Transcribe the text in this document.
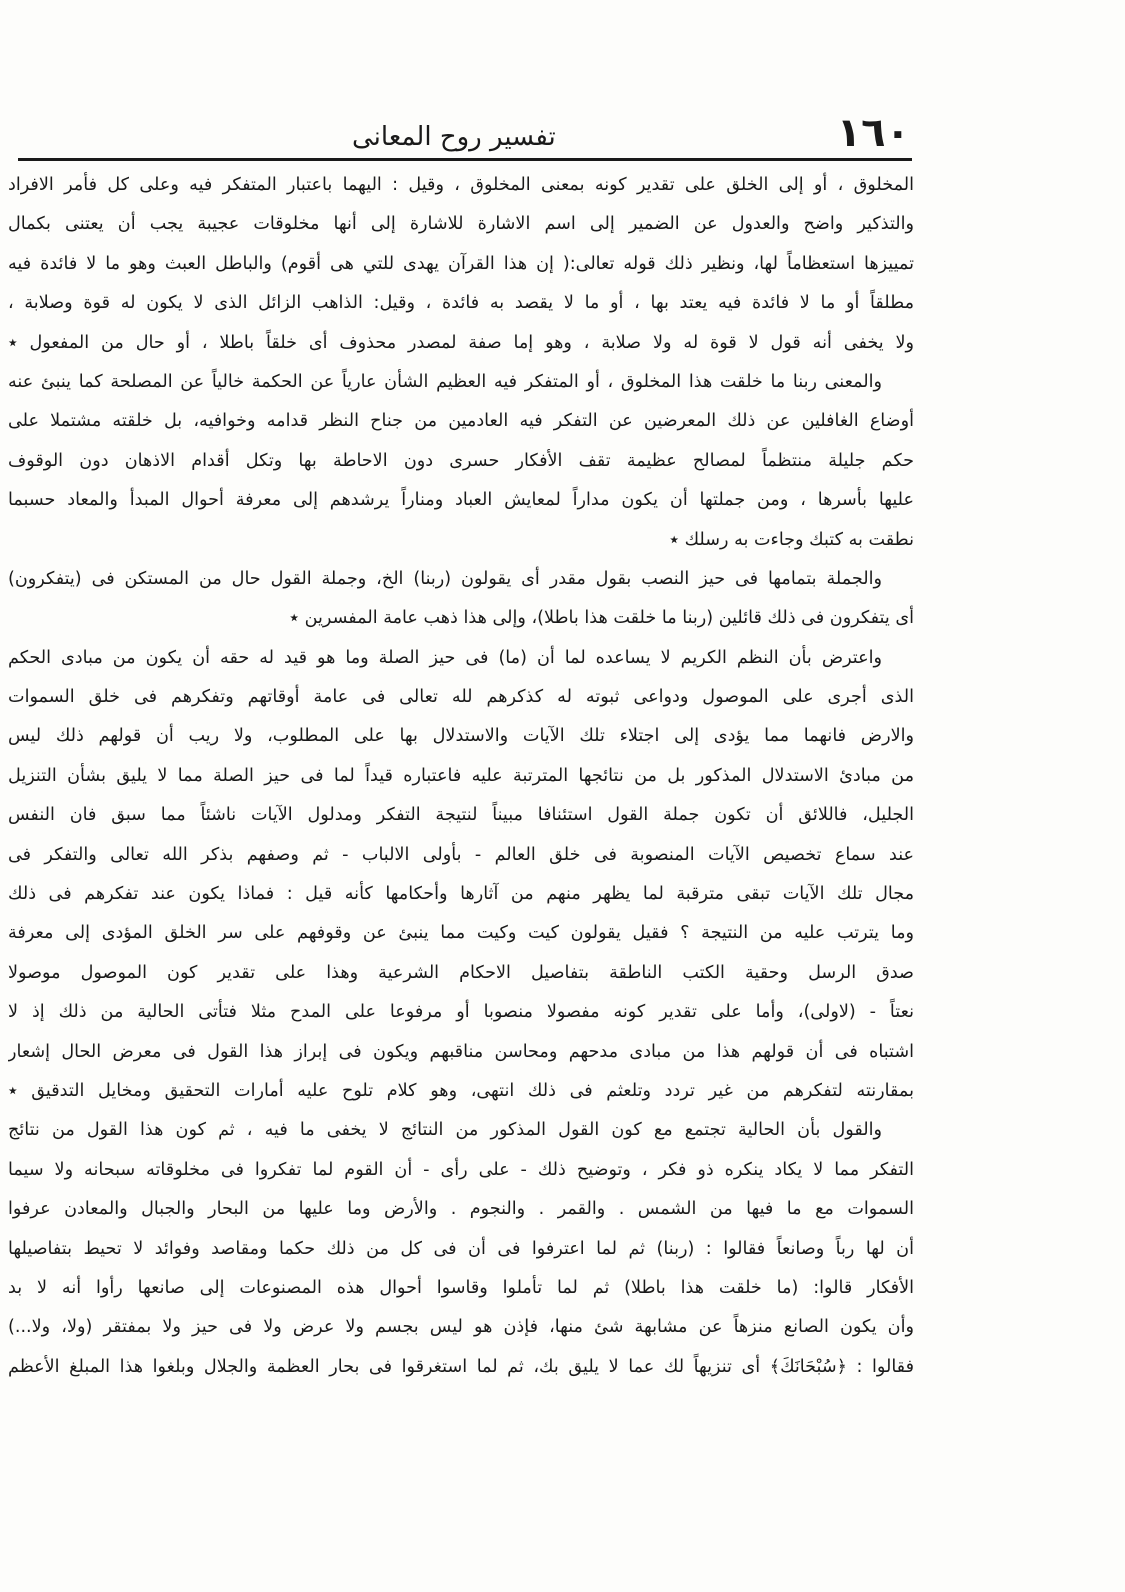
١٦٠
تفسير روح المعانى
المخلوق ، أو إلى الخلق على تقدير كونه بمعنى المخلوق ، وقيل : اليهما باعتبار المتفكر فيه وعلى كل فأمر الافراد
والتذكير واضح والعدول عن الضمير إلى اسم الاشارة للاشارة إلى أنها مخلوقات عجيبة يجب أن يعتنى بكمال
تمييزها استعظاماً لها، ونظير ذلك قوله تعالى:( إن هذا القرآن يهدى للتي هى أقوم) والباطل العبث وهو ما لا فائدة فيه
مطلقاً أو ما لا فائدة فيه يعتد بها ، أو ما لا يقصد به فائدة ، وقيل: الذاهب الزائل الذى لا يكون له قوة وصلابة ،
ولا يخفى أنه قول لا قوة له ولا صلابة ، وهو إما صفة لمصدر محذوف أى خلقاً باطلا ، أو حال من المفعول ٭
والمعنى ربنا ما خلقت هذا المخلوق ، أو المتفكر فيه العظيم الشأن عارياً عن الحكمة خالياً عن المصلحة كما ينبئ عنه
أوضاع الغافلين عن ذلك المعرضين عن التفكر فيه العادمين من جناح النظر قدامه وخوافيه، بل خلقته مشتملا على
حكم جليلة منتظماً لمصالح عظيمة تقف الأفكار حسرى دون الاحاطة بها وتكل أقدام الاذهان دون الوقوف
عليها بأسرها ، ومن جملتها أن يكون مداراً لمعايش العباد ومناراً يرشدهم إلى معرفة أحوال المبدأ والمعاد حسبما
نطقت به كتبك وجاءت به رسلك ٭
والجملة بتمامها فى حيز النصب بقول مقدر أى يقولون (ربنا) الخ، وجملة القول حال من المستكن فى (يتفكرون)
أى يتفكرون فى ذلك قائلين (ربنا ما خلقت هذا باطلا)، وإلى هذا ذهب عامة المفسرين ٭
واعترض بأن النظم الكريم لا يساعده لما أن (ما) فى حيز الصلة وما هو قيد له حقه أن يكون من مبادى الحكم
الذى أجرى على الموصول ودواعى ثبوته له كذكرهم لله تعالى فى عامة أوقاتهم وتفكرهم فى خلق السموات
والارض فانهما مما يؤدى إلى اجتلاء تلك الآيات والاستدلال بها على المطلوب، ولا ريب أن قولهم ذلك ليس
من مبادئ الاستدلال المذكور بل من نتائجها المترتبة عليه فاعتباره قيداً لما فى حيز الصلة مما لا يليق بشأن التنزيل
الجليل، فاللائق أن تكون جملة القول استئنافا مبيناً لنتيجة التفكر ومدلول الآيات ناشئاً مما سبق فان النفس
عند سماع تخصيص الآيات المنصوبة فى خلق العالم - بأولى الالباب - ثم وصفهم بذكر الله تعالى والتفكر فى
مجال تلك الآيات تبقى مترقبة لما يظهر منهم من آثارها وأحكامها كأنه قيل : فماذا يكون عند تفكرهم فى ذلك
وما يترتب عليه من النتيجة ؟ فقيل يقولون كيت وكيت مما ينبئ عن وقوفهم على سر الخلق المؤدى إلى معرفة
صدق الرسل وحقية الكتب الناطقة بتفاصيل الاحكام الشرعية وهذا على تقدير كون الموصول موصولا
نعتاً - (لاولى)، وأما على تقدير كونه مفصولا منصوبا أو مرفوعا على المدح مثلا فتأتى الحالية من ذلك إذ لا
اشتباه فى أن قولهم هذا من مبادى مدحهم ومحاسن مناقبهم ويكون فى إبراز هذا القول فى معرض الحال إشعار
بمقارنته لتفكرهم من غير تردد وتلعثم فى ذلك انتهى، وهو كلام تلوح عليه أمارات التحقيق ومخايل التدقيق ٭
والقول بأن الحالية تجتمع مع كون القول المذكور من النتائج لا يخفى ما فيه ، ثم كون هذا القول من نتائج
التفكر مما لا يكاد ينكره ذو فكر ، وتوضيح ذلك - على رأى - أن القوم لما تفكروا فى مخلوقاته سبحانه ولا سيما
السموات مع ما فيها من الشمس . والقمر . والنجوم . والأرض وما عليها من البحار والجبال والمعادن عرفوا
أن لها رباً وصانعاً فقالوا : (ربنا) ثم لما اعترفوا فى أن فى كل من ذلك حكما ومقاصد وفوائد لا تحيط بتفاصيلها
الأفكار قالوا: (ما خلقت هذا باطلا) ثم لما تأملوا وقاسوا أحوال هذه المصنوعات إلى صانعها رأوا أنه لا بد
وأن يكون الصانع منزهاً عن مشابهة شئ منها، فإذن هو ليس بجسم ولا عرض ولا فى حيز ولا بمفتقر (ولا، ولا...)
فقالوا : ﴿سُبْحَانَكَ﴾ أى تنزيهاً لك عما لا يليق بك، ثم لما استغرقوا فى بحار العظمة والجلال وبلغوا هذا المبلغ الأعظم
